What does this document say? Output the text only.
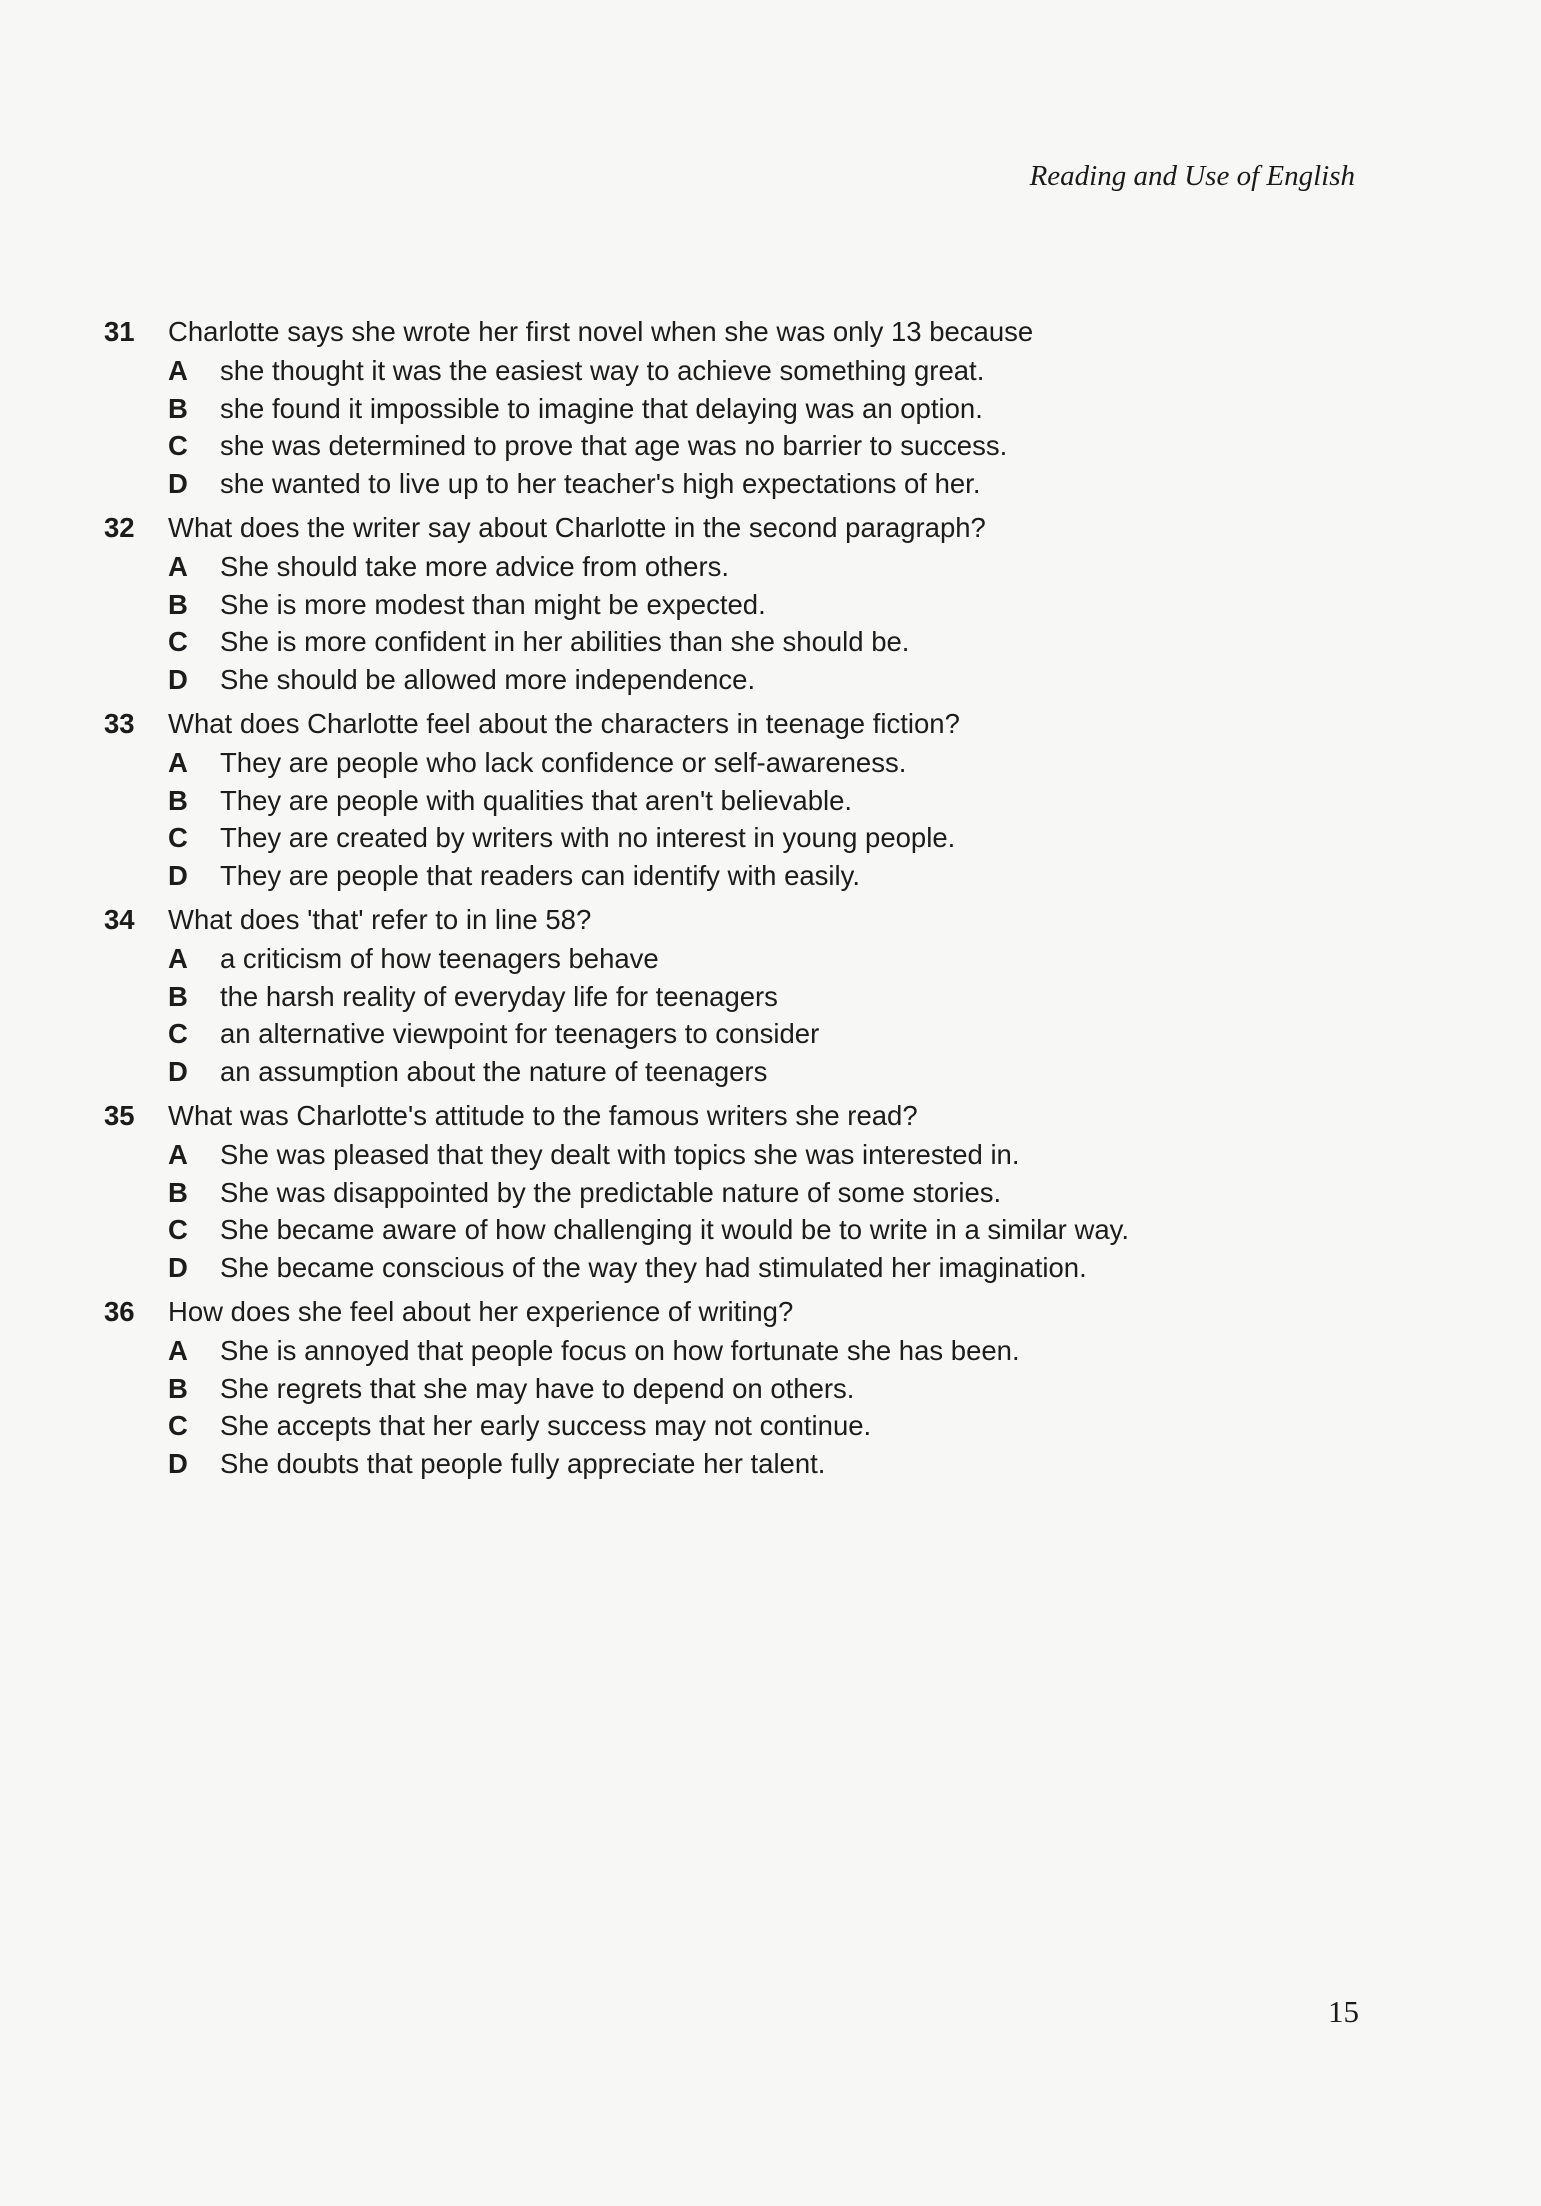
Reading and Use of English
31	Charlotte says she wrote her first novel when she was only 13 because
A	she thought it was the easiest way to achieve something great.
B	she found it impossible to imagine that delaying was an option.
C	she was determined to prove that age was no barrier to success.
D	she wanted to live up to her teacher's high expectations of her.
32	What does the writer say about Charlotte in the second paragraph?
A	She should take more advice from others.
B	She is more modest than might be expected.
C	She is more confident in her abilities than she should be.
D	She should be allowed more independence.
33	What does Charlotte feel about the characters in teenage fiction?
A	They are people who lack confidence or self-awareness.
B	They are people with qualities that aren't believable.
C	They are created by writers with no interest in young people.
D	They are people that readers can identify with easily.
34	What does 'that' refer to in line 58?
A	a criticism of how teenagers behave
B	the harsh reality of everyday life for teenagers
C	an alternative viewpoint for teenagers to consider
D	an assumption about the nature of teenagers
35	What was Charlotte's attitude to the famous writers she read?
A	She was pleased that they dealt with topics she was interested in.
B	She was disappointed by the predictable nature of some stories.
C	She became aware of how challenging it would be to write in a similar way.
D	She became conscious of the way they had stimulated her imagination.
36	How does she feel about her experience of writing?
A	She is annoyed that people focus on how fortunate she has been.
B	She regrets that she may have to depend on others.
C	She accepts that her early success may not continue.
D	She doubts that people fully appreciate her talent.
15
